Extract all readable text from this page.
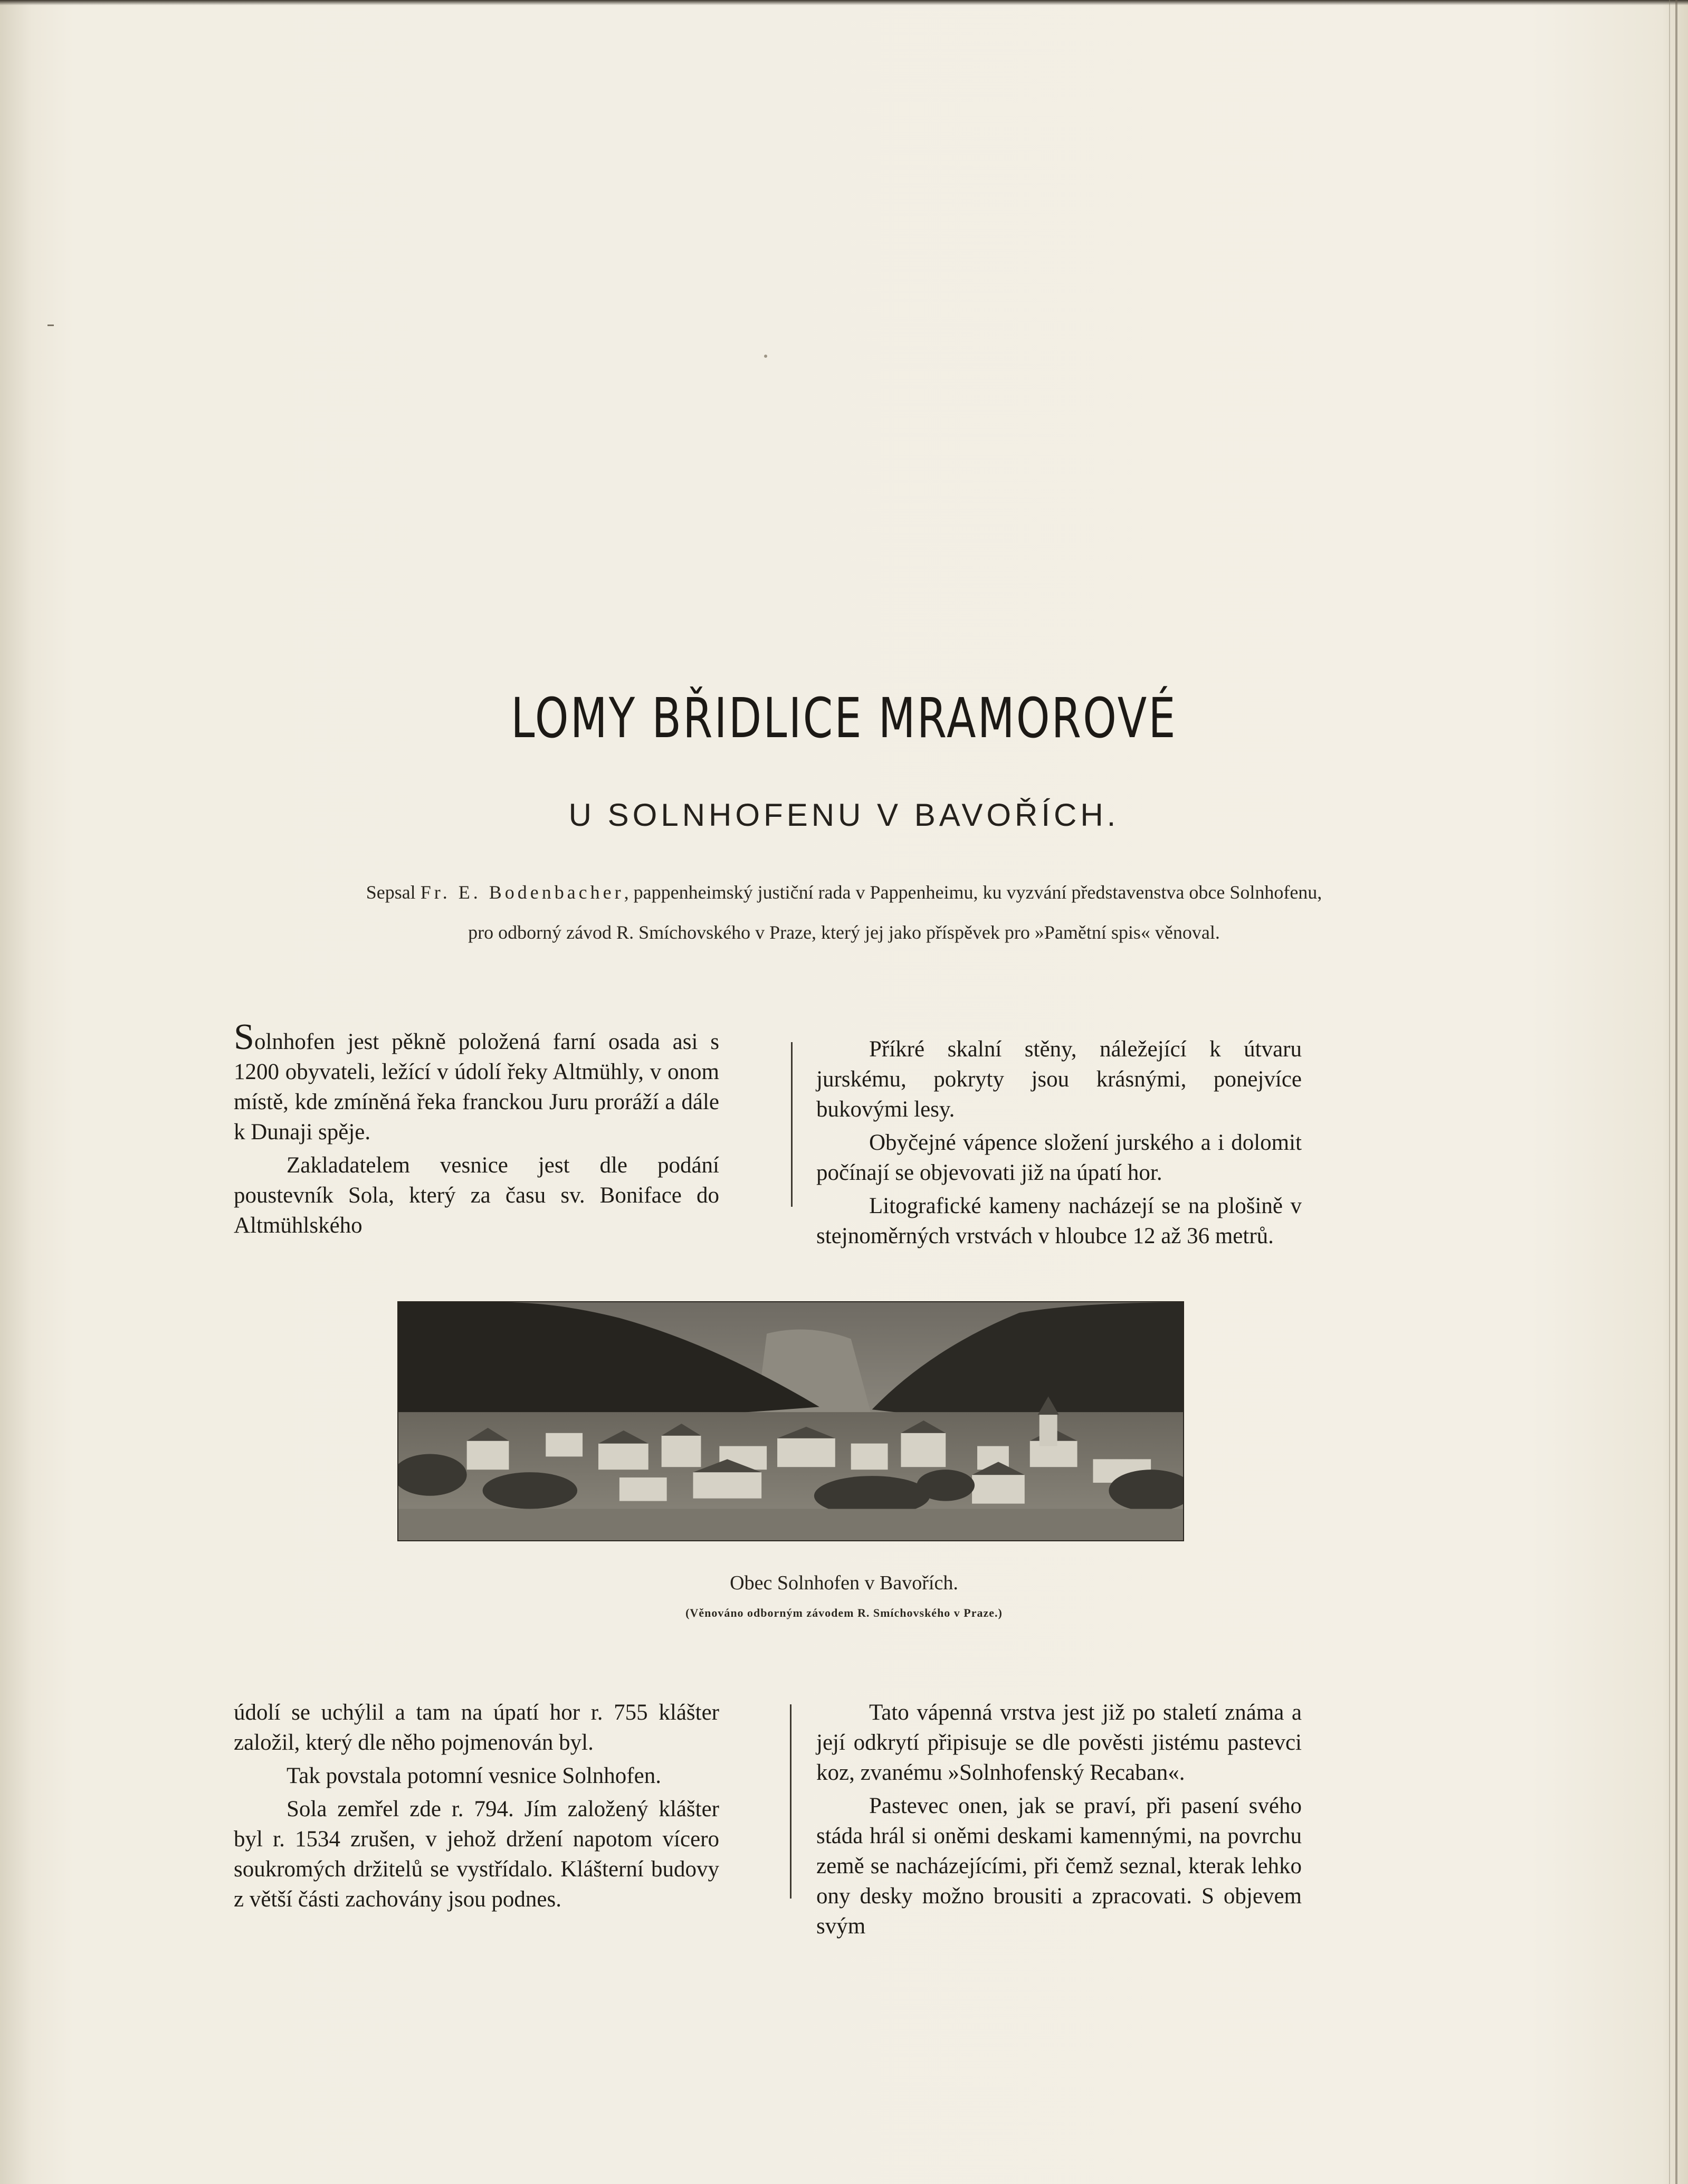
LOMY BŘIDLICE MRAMOROVÉ
U SOLNHOFENU V BAVOŘÍCH.
Sepsal Fr. E. Bodenbacher, pappenheimský justiční rada v Pappenheimu, ku vyzvání představenstva obce Solnhofenu,
pro odborný závod R. Smíchovského v Praze, který jej jako příspěvek pro »Pamětní spis« věnoval.

Solnhofen jest pěkně položená farní osada asi s 1200 obyvateli, ležící v údolí řeky Altmühly, v onom místě, kde zmíněná řeka franckou Juru proráží a dále k Dunaji spěje.

Zakladatelem vesnice jest dle podání poustevník Sola, který za času sv. Boniface do Altmühlského

Příkré skalní stěny, náležející k útvaru jurskému, pokryty jsou krásnými, ponejvíce bukovými lesy.

Obyčejné vápence složení jurského a i dolomit počínají se objevovati již na úpatí hor.

Litografické kameny nacházejí se na plošině v stejnoměrných vrstvách v hloubce 12 až 36 metrů.

Obec Solnhofen v Bavořích.
(Věnováno odborným závodem R. Smíchovského v Praze.)

údolí se uchýlil a tam na úpatí hor r. 755 klášter založil, který dle něho pojmenován byl.

Tak povstala potomní vesnice Solnhofen.

Sola zemřel zde r. 794. Jím založený klášter byl r. 1534 zrušen, v jehož držení napotom vícero soukromých držitelů se vystřídalo. Klášterní budovy z větší části zachovány jsou podnes.

Tato vápenná vrstva jest již po staletí známa a její odkrytí připisuje se dle pověsti jistému pastevci koz, zvanému »Solnhofenský Recaban«.

Pastevec onen, jak se praví, při pasení svého stáda hrál si oněmi deskami kamennými, na povrchu země se nacházejícími, při čemž seznal, kterak lehko ony desky možno brousiti a zpracovati. S objevem svým
